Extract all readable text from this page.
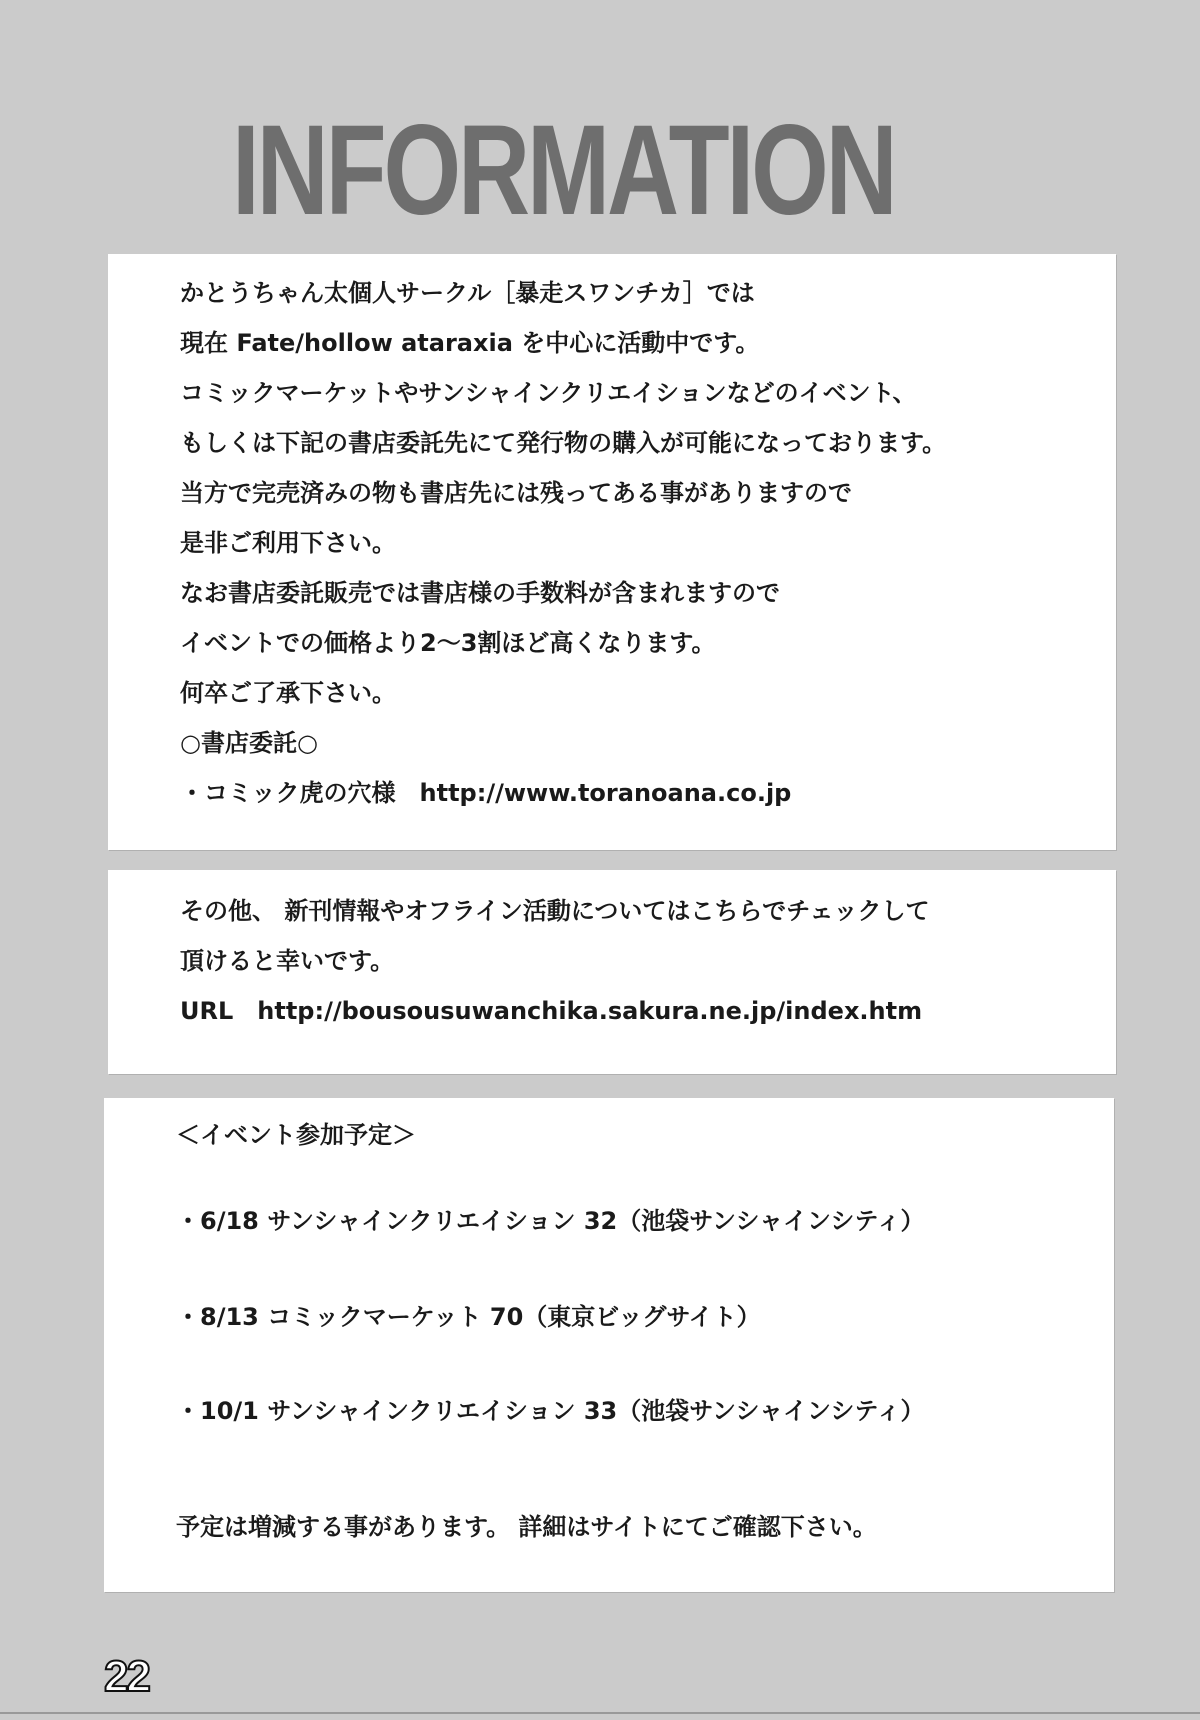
INFORMATION
かとうちゃん太個人サークル［暴走スワンチカ］では
現在 Fate/hollow ataraxia を中心に活動中です。
コミックマーケットやサンシャインクリエイションなどのイベント、
もしくは下記の書店委託先にて発行物の購入が可能になっております。
当方で完売済みの物も書店先には残ってある事がありますので
是非ご利用下さい。
なお書店委託販売では書店様の手数料が含まれますので
イベントでの価格より2〜3割ほど高くなります。
何卒ご了承下さい。
○書店委託○
・コミック虎の穴様　http://www.toranoana.co.jp
その他、 新刊情報やオフライン活動についてはこちらでチェックして
頂けると幸いです。
URL　http://bousousuwanchika.sakura.ne.jp/index.htm
＜イベント参加予定＞
・6/18 サンシャインクリエイション 32（池袋サンシャインシティ）
・8/13 コミックマーケット 70（東京ビッグサイト）
・10/1 サンシャインクリエイション 33（池袋サンシャインシティ）
予定は増減する事があります。 詳細はサイトにてご確認下さい。
22
